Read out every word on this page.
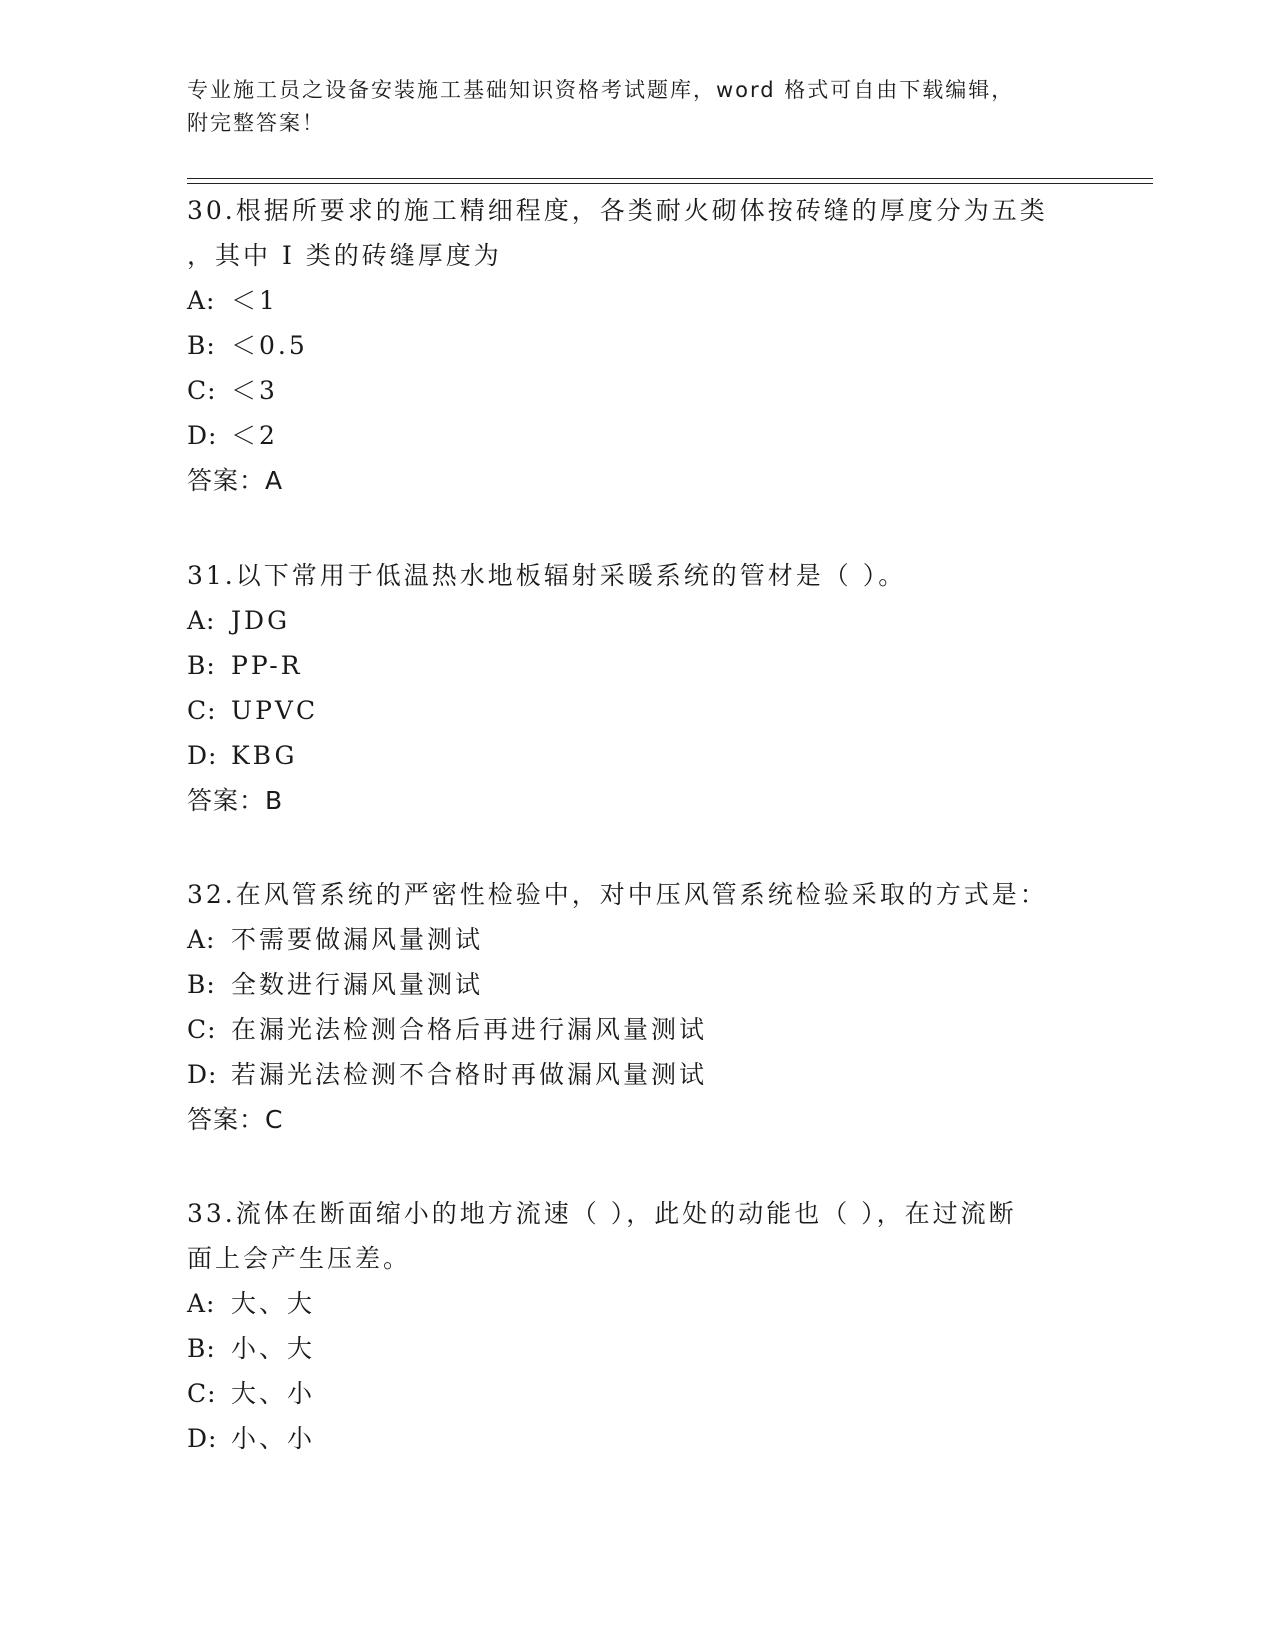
专业施工员之设备安装施工基础知识资格考试题库，word 格式可自由下载编辑，
附完整答案！
30.根据所要求的施工精细程度，各类耐火砌体按砖缝的厚度分为五类
，其中 I 类的砖缝厚度为
A: ＜1
B: ＜0.5
C: ＜3
D: ＜2
答案：A
31.以下常用于低温热水地板辐射采暖系统的管材是（ ）。
A: JDG
B: PP-R
C: UPVC
D: KBG
答案：B
32.在风管系统的严密性检验中，对中压风管系统检验采取的方式是：
A: 不需要做漏风量测试
B: 全数进行漏风量测试
C: 在漏光法检测合格后再进行漏风量测试
D: 若漏光法检测不合格时再做漏风量测试
答案：C
33.流体在断面缩小的地方流速（ ），此处的动能也（ ），在过流断
面上会产生压差。
A: 大、大
B: 小、大
C: 大、小
D: 小、小
